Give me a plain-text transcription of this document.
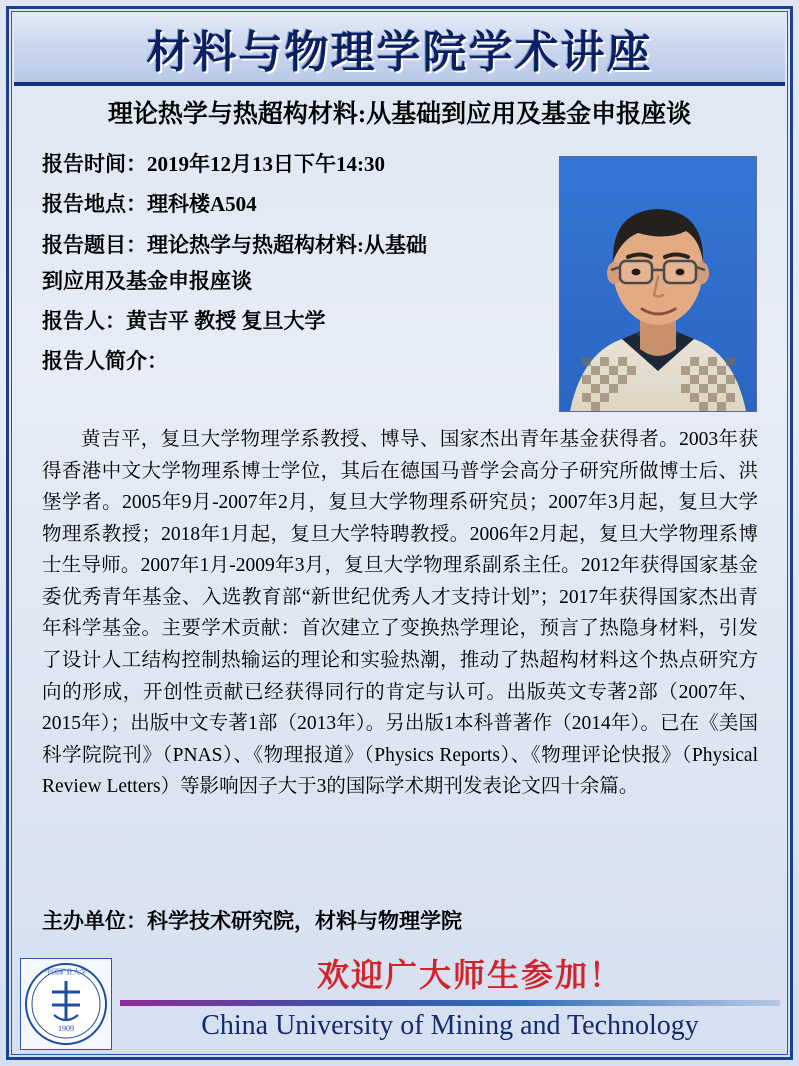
材料与物理学院学术讲座
理论热学与热超构材料:从基础到应用及基金申报座谈
报告时间：2019年12月13日下午14:30
报告地点：理科楼A504
报告题目：理论热学与热超构材料:从基础
到应用及基金申报座谈
报告人：黄吉平 教授 复旦大学
报告人简介：
黄吉平，复旦大学物理学系教授、博导、国家杰出青年基金获得者。2003年获得香港中文大学物理系博士学位，其后在德国马普学会高分子研究所做博士后、洪堡学者。2005年9月-2007年2月，复旦大学物理系研究员；2007年3月起，复旦大学物理系教授；2018年1月起，复旦大学特聘教授。2006年2月起，复旦大学物理系博士生导师。2007年1月-2009年3月，复旦大学物理系副系主任。2012年获得国家基金委优秀青年基金、入选教育部“新世纪优秀人才支持计划”；2017年获得国家杰出青年科学基金。主要学术贡献：首次建立了变换热学理论，预言了热隐身材料，引发了设计人工结构控制热输运的理论和实验热潮，推动了热超构材料这个热点研究方向的形成，开创性贡献已经获得同行的肯定与认可。出版英文专著2部（2007年、2015年）；出版中文专著1部（2013年）。另出版1本科普著作（2014年）。已在《美国科学院院刊》（PNAS）、《物理报道》（Physics Reports）、《物理评论快报》（Physical Review Letters）等影响因子大于3的国际学术期刊发表论文四十余篇。
主办单位：科学技术研究院，材料与物理学院
欢迎广大师生参加！
1909
中国矿业大学
China University of Mining and Technology
